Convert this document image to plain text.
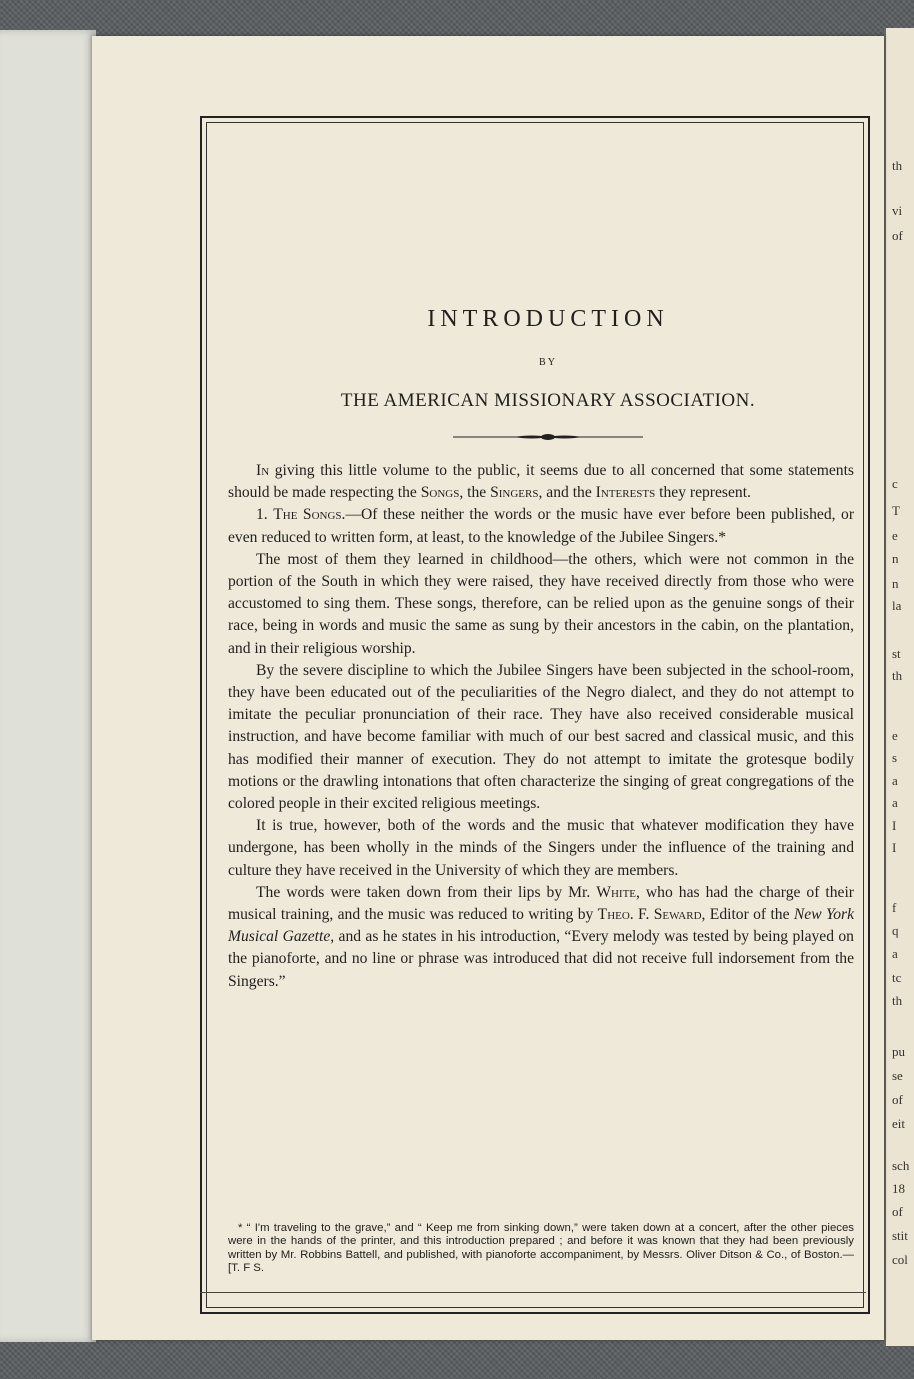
th
vi
of
c
T
e
n
n
la
st
th
e
s
a
a
I
I
f
q
a
tc
th
pu
se
of
eit
sch
18
of
stit
col
INTRODUCTION
BY
THE AMERICAN MISSIONARY ASSOCIATION.

In giving this little volume to the public, it seems due to all concerned that some statements should be made respecting the Songs, the Singers, and the Interests they represent.

1. The Songs.—Of these neither the words or the music have ever before been published, or even reduced to written form, at least, to the knowledge of the Jubilee Singers.*

The most of them they learned in childhood—the others, which were not common in the portion of the South in which they were raised, they have received directly from those who were accustomed to sing them. These songs, therefore, can be relied upon as the genuine songs of their race, being in words and music the same as sung by their ancestors in the cabin, on the plantation, and in their religious worship.

By the severe discipline to which the Jubilee Singers have been subjected in the school-room, they have been educated out of the peculiarities of the Negro dialect, and they do not attempt to imitate the peculiar pronunciation of their race. They have also received considerable musical instruction, and have become familiar with much of our best sacred and classical music, and this has modified their manner of execution. They do not attempt to imitate the grotesque bodily motions or the drawling intonations that often characterize the singing of great congregations of the colored people in their excited religious meetings.

It is true, however, both of the words and the music that whatever modification they have undergone, has been wholly in the minds of the Singers under the influence of the training and culture they have received in the University of which they are members.

The words were taken down from their lips by Mr. White, who has had the charge of their musical training, and the music was reduced to writing by Theo. F. Seward, Editor of the New York Musical Gazette, and as he states in his introduction, “Every melody was tested by being played on the pianoforte, and no line or phrase was introduced that did not receive full indorsement from the Singers.”

* “ I'm traveling to the grave,” and “ Keep me from sinking down,” were taken down at a concert, after the other pieces were in the hands of the printer, and this introduction prepared ; and before it was known that they had been previously written by Mr. Robbins Battell, and published, with pianoforte accompaniment, by Messrs. Oliver Ditson & Co., of Boston.—[T. F S.
